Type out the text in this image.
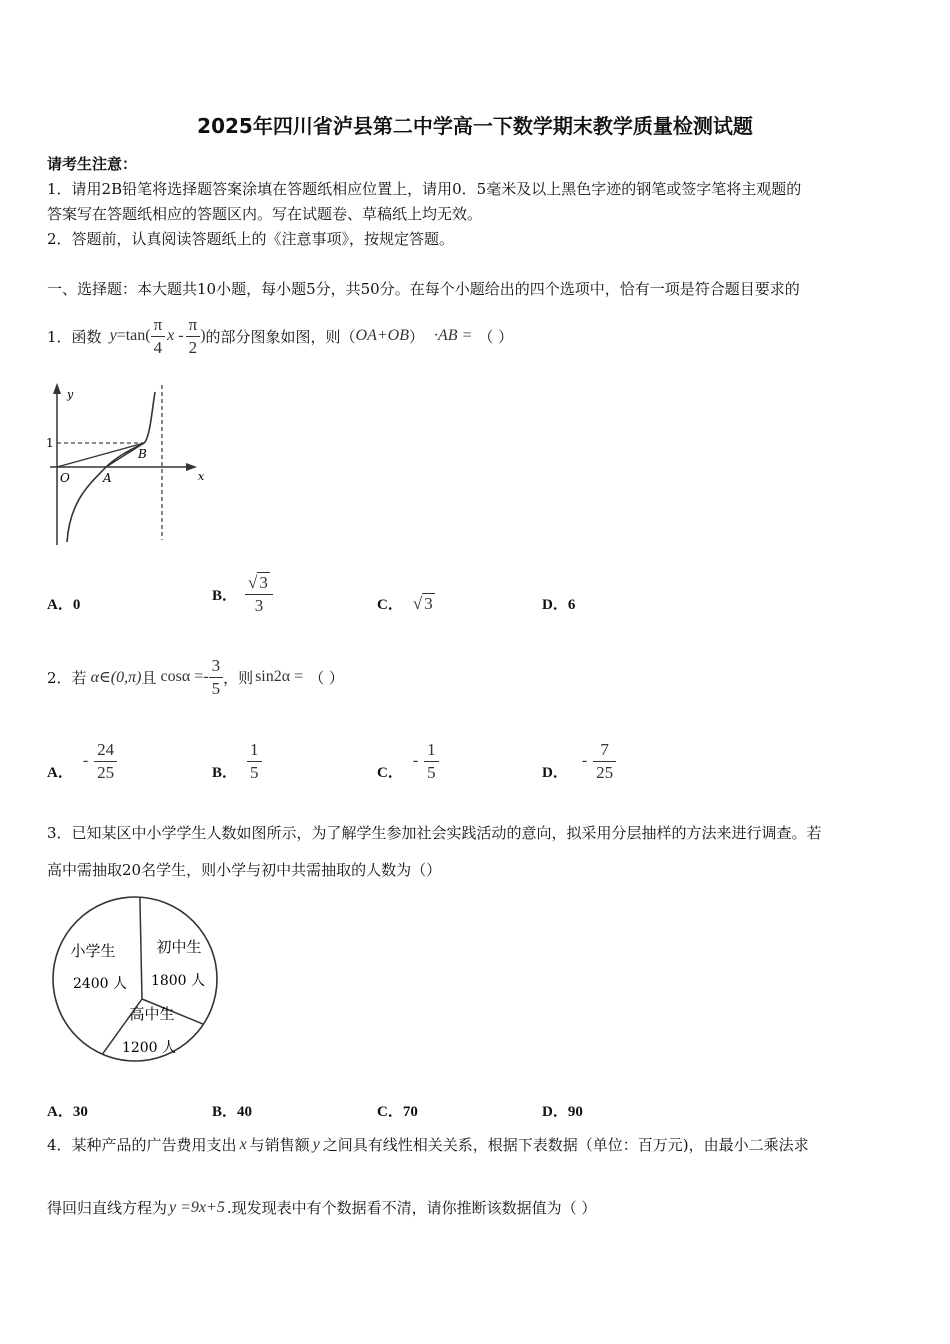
2025年四川省泸县第二中学高一下数学期末教学质量检测试题
请考生注意：
1．请用2B铅笔将选择题答案涂填在答题纸相应位置上，请用0．5毫米及以上黑色字迹的钢笔或签字笔将主观题的
答案写在答题纸相应的答题区内。写在试题卷、草稿纸上均无效。
2．答题前，认真阅读答题纸上的《注意事项》，按规定答题。
一、选择题：本大题共10小题，每小题5分，共50分。在每个小题给出的四个选项中，恰有一项是符合题目要求的
1． 函数 $y =\tan( \frac{\pi}{4}$ x - $\frac{\pi}{2}$ ) 的部分图象如图，则（ OA+OB ） ·AB = （ ）
y
x
1
O	A
B
A．0
B． $\frac{√ 3}{3}$	C． √ 3	D．6
2． 若 α∈(0,π) 且 $\cos\alpha =- \frac{3}{5}$ ，则 sin2α = （ ）
A．
- $\frac{24}{25}$	B． $\frac{1}{5}$	C．
- $\frac{1}{5}$	D．
- $\frac{7}{25}$
3．已知某区中小学学生人数如图所示，为了解学生参加社会实践活动的意向，拟采用分层抽样的方法来进行调查。若
高中需抽取20名学生，则小学与初中共需抽取的人数为（）
小学生
2400 人
初中生
1800 人
高中生
1200 人
A．30	B．40	C．70	D．90
4． 某种产品的广告费用支出 x 与销售额 y 之间具有线性相关关系，根据下表数据（单位：百万元)，由最小二乘法求
得回归直线方程为 y =9x+5 .现发现表中有个数据看不清，请你推断该数据值为（ ）
